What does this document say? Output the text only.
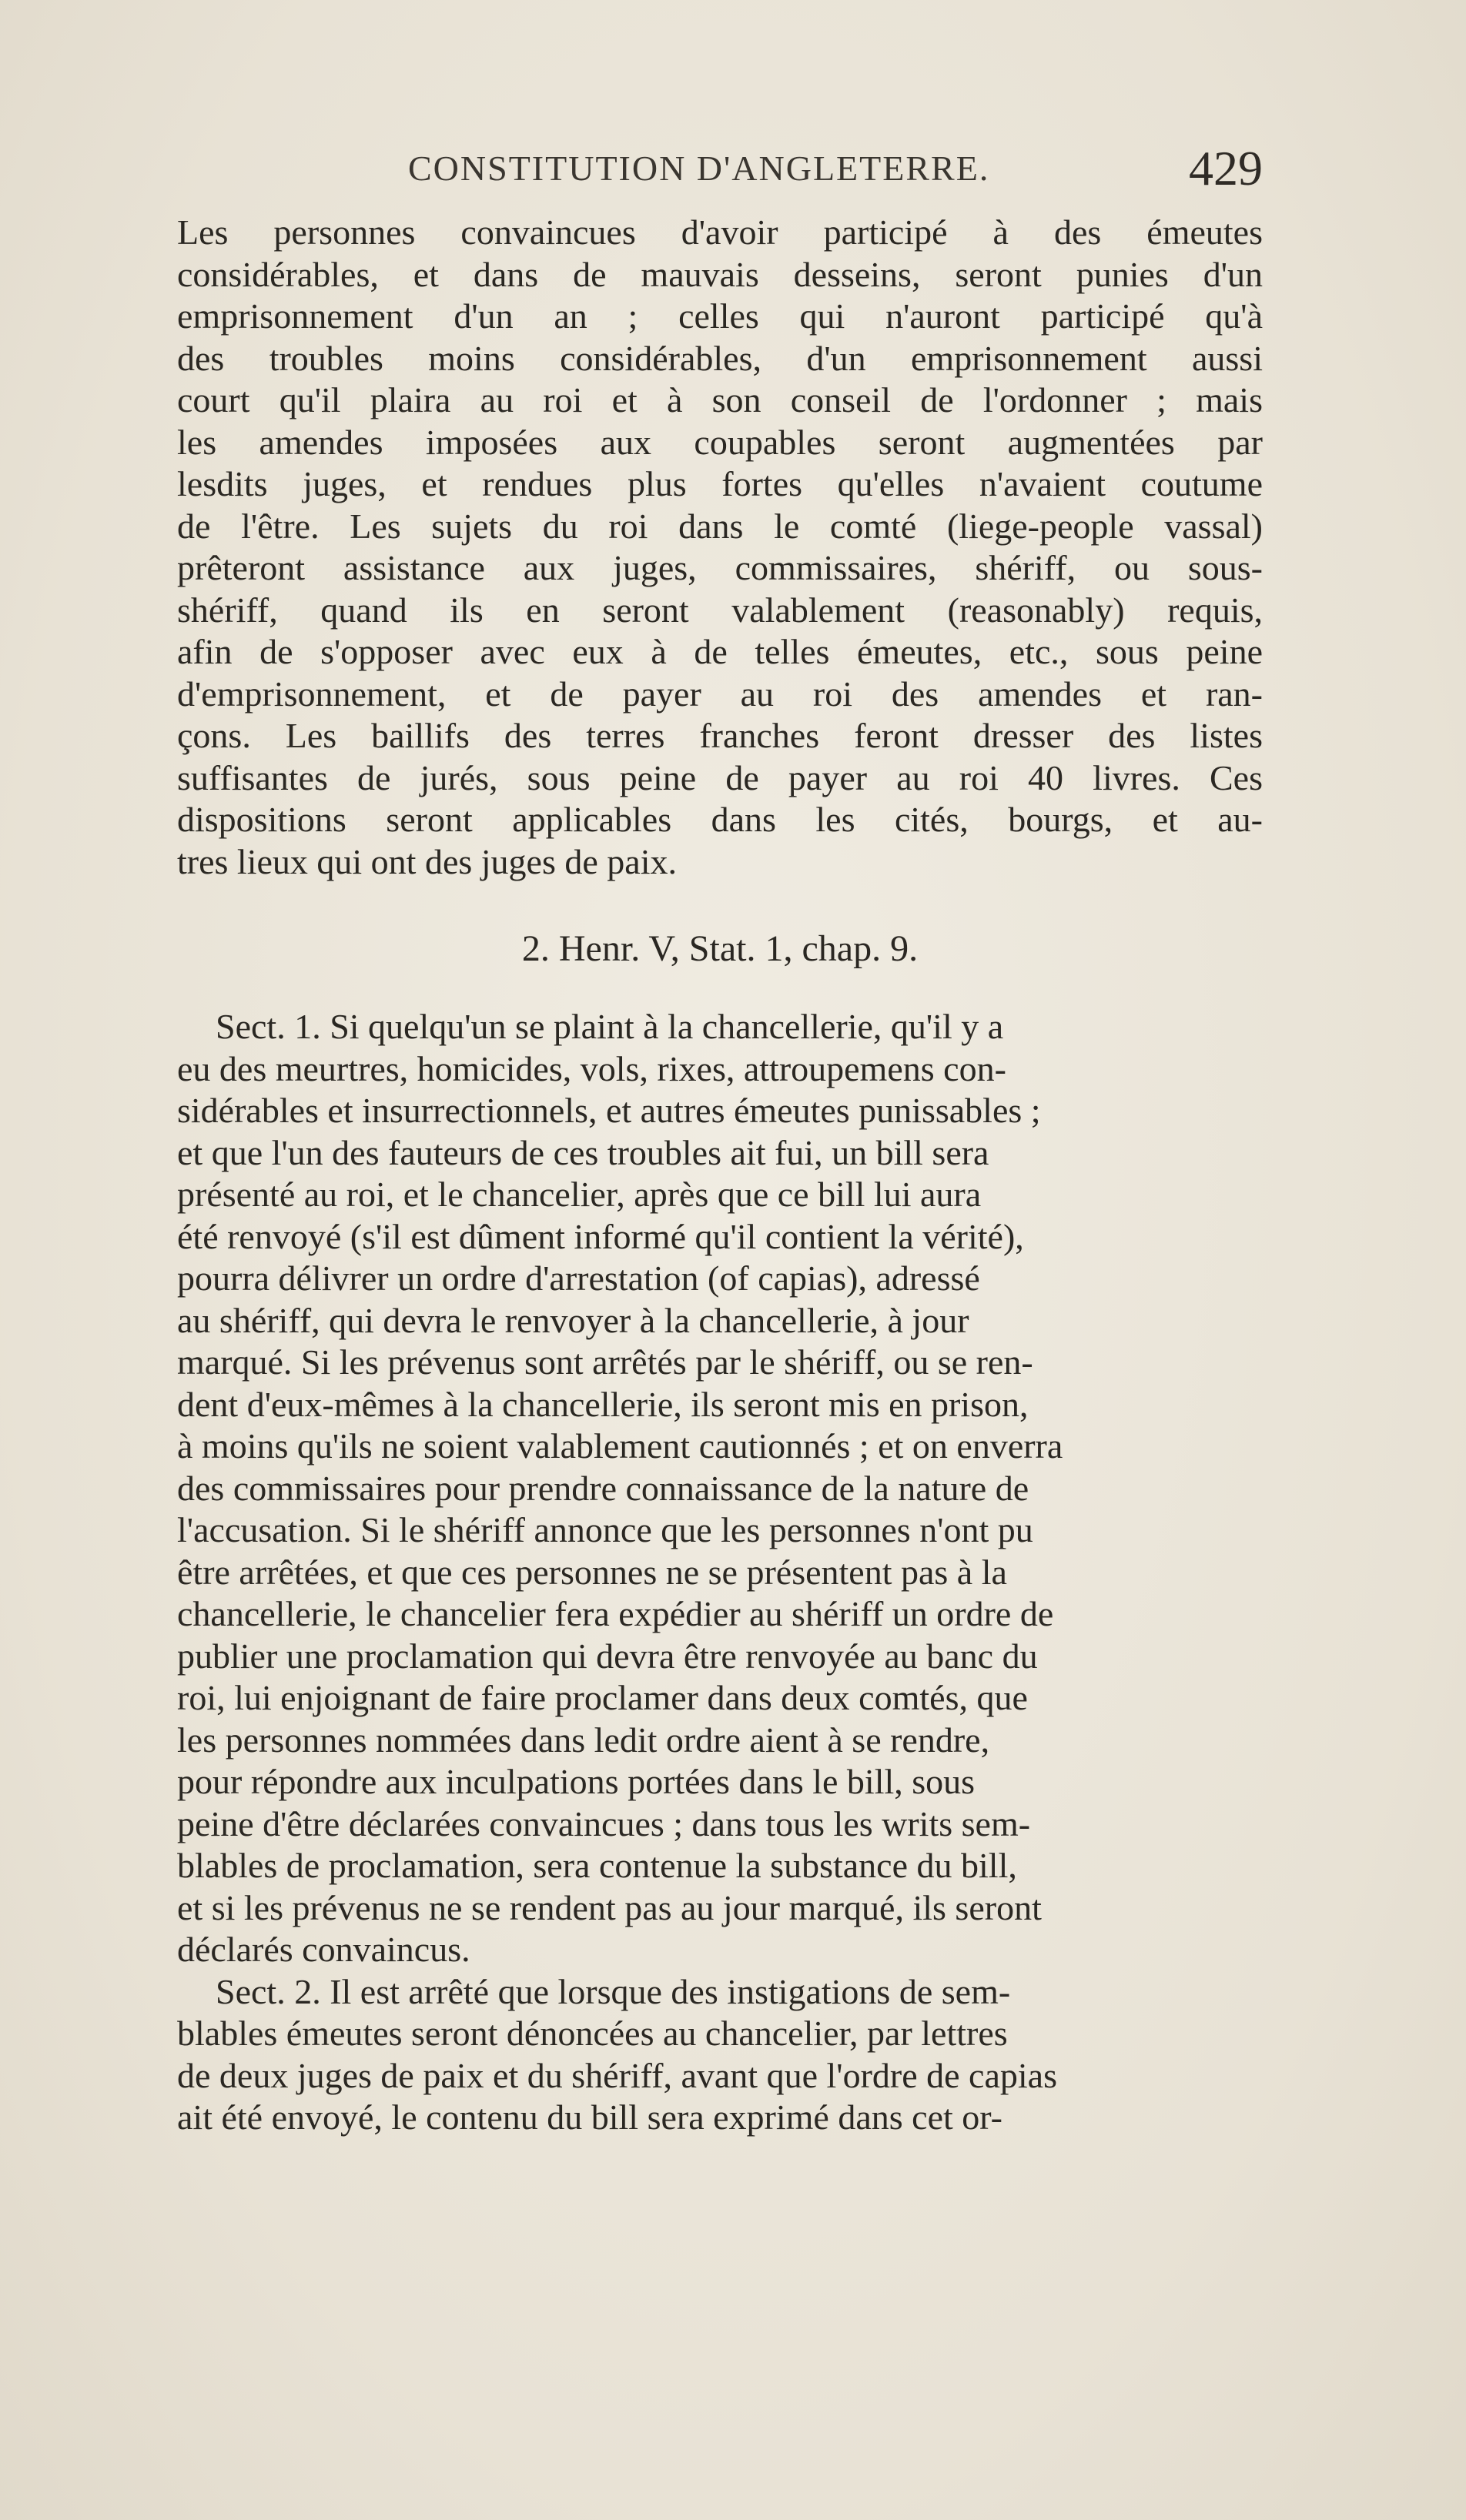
CONSTITUTION D'ANGLETERRE.	429
Les personnes convaincues d'avoir participé à des émeutes
considérables, et dans de mauvais desseins, seront punies d'un
emprisonnement d'un an ; celles qui n'auront participé qu'à
des troubles moins considérables, d'un emprisonnement aussi
court qu'il plaira au roi et à son conseil de l'ordonner ; mais
les amendes imposées aux coupables seront augmentées par
lesdits juges, et rendues plus fortes qu'elles n'avaient coutume
de l'être. Les sujets du roi dans le comté (liege-people vassal)
prêteront assistance aux juges, commissaires, shériff, ou sous-
shériff, quand ils en seront valablement (reasonably) requis,
afin de s'opposer avec eux à de telles émeutes, etc., sous peine
d'emprisonnement, et de payer au roi des amendes et ran-
çons. Les baillifs des terres franches feront dresser des listes
suffisantes de jurés, sous peine de payer au roi 40 livres. Ces
dispositions seront applicables dans les cités, bourgs, et au-
tres lieux qui ont des juges de paix.
2. Henr. V, Stat. 1, chap. 9.
Sect. 1. Si quelqu'un se plaint à la chancellerie, qu'il y a
eu des meurtres, homicides, vols, rixes, attroupemens con-
sidérables et insurrectionnels, et autres émeutes punissables ;
et que l'un des fauteurs de ces troubles ait fui, un bill sera
présenté au roi, et le chancelier, après que ce bill lui aura
été renvoyé (s'il est dûment informé qu'il contient la vérité),
pourra délivrer un ordre d'arrestation (of capias), adressé
au shériff, qui devra le renvoyer à la chancellerie, à jour
marqué. Si les prévenus sont arrêtés par le shériff, ou se ren-
dent d'eux-mêmes à la chancellerie, ils seront mis en prison,
à moins qu'ils ne soient valablement cautionnés ; et on enverra
des commissaires pour prendre connaissance de la nature de
l'accusation. Si le shériff annonce que les personnes n'ont pu
être arrêtées, et que ces personnes ne se présentent pas à la
chancellerie, le chancelier fera expédier au shériff un ordre de
publier une proclamation qui devra être renvoyée au banc du
roi, lui enjoignant de faire proclamer dans deux comtés, que
les personnes nommées dans ledit ordre aient à se rendre,
pour répondre aux inculpations portées dans le bill, sous
peine d'être déclarées convaincues ; dans tous les writs sem-
blables de proclamation, sera contenue la substance du bill,
et si les prévenus ne se rendent pas au jour marqué, ils seront
déclarés convaincus.
Sect. 2. Il est arrêté que lorsque des instigations de sem-
blables émeutes seront dénoncées au chancelier, par lettres
de deux juges de paix et du shériff, avant que l'ordre de capias
ait été envoyé, le contenu du bill sera exprimé dans cet or-
